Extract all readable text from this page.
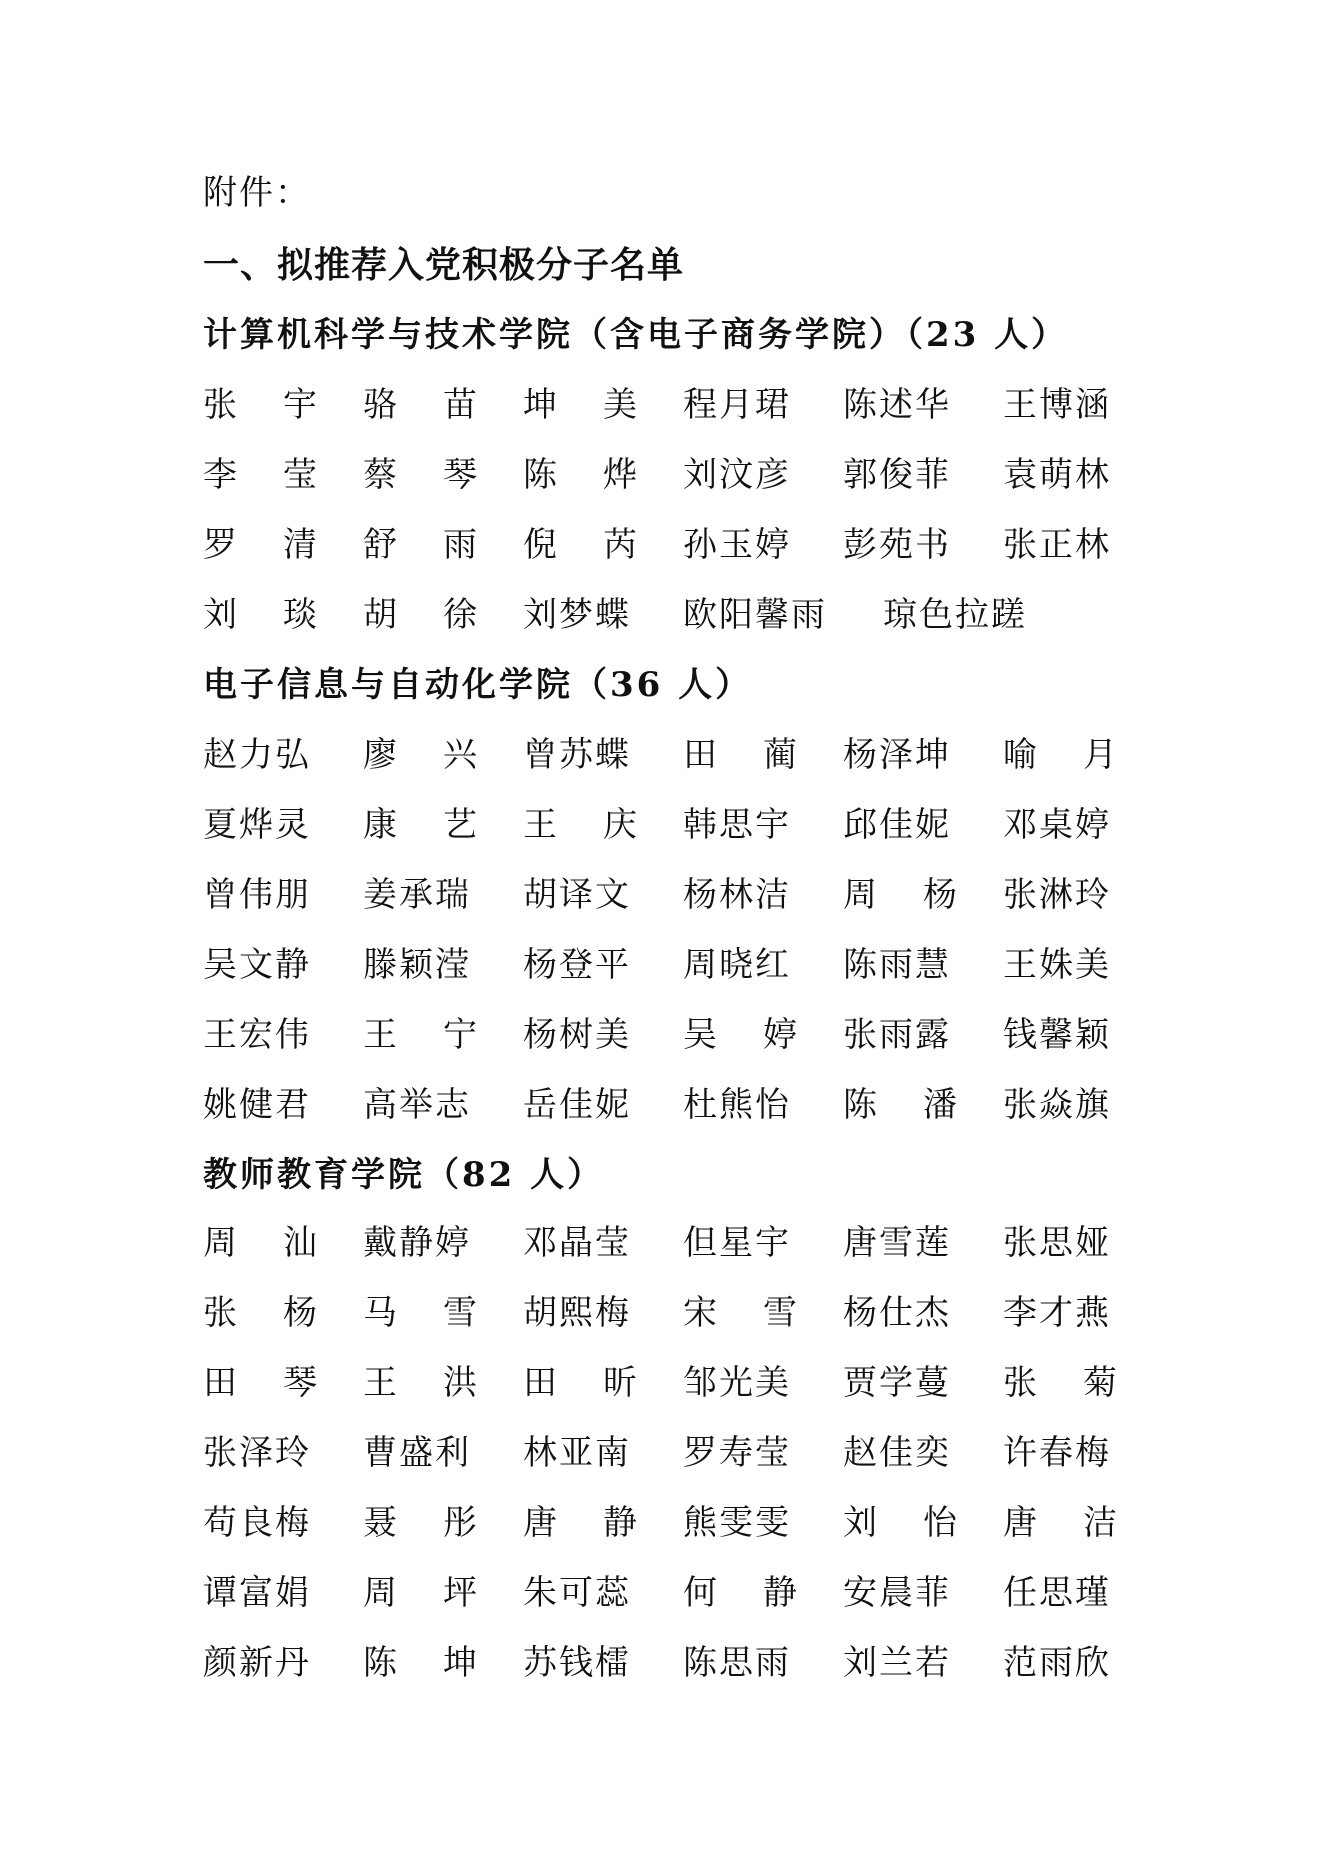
附件：
一、拟推荐入党积极分子名单
计算机科学与技术学院（含电子商务学院）（23 人）
张宇 骆苗 坤美 程月珺 陈述华 王博涵
李莹 蔡琴 陈烨 刘汶彦 郭俊菲 袁萌林
罗清 舒雨 倪芮 孙玉婷 彭苑书 张正林
刘琰 胡徐 刘梦蝶 欧阳馨雨 琼色拉蹉
电子信息与自动化学院（36 人）
赵力弘 廖兴 曾苏蝶 田蔺 杨泽坤 喻月
夏烨灵 康艺 王庆 韩思宇 邱佳妮 邓桌婷
曾伟朋 姜承瑞 胡译文 杨林洁 周杨 张淋玲
吴文静 滕颖滢 杨登平 周晓红 陈雨慧 王姝美
王宏伟 王宁 杨树美 吴婷 张雨露 钱馨颖
姚健君 高举志 岳佳妮 杜熊怡 陈潘 张焱旗
教师教育学院（82 人）
周汕 戴静婷 邓晶莹 但星宇 唐雪莲 张思娅
张杨 马雪 胡熙梅 宋雪 杨仕杰 李才燕
田琴 王洪 田昕 邹光美 贾学蔓 张菊
张泽玲 曹盛利 林亚南 罗寿莹 赵佳奕 许春梅
苟良梅 聂彤 唐静 熊雯雯 刘怡 唐洁
谭富娟 周坪 朱可蕊 何静 安晨菲 任思瑾
颜新丹 陈坤 苏钱檑 陈思雨 刘兰若 范雨欣
